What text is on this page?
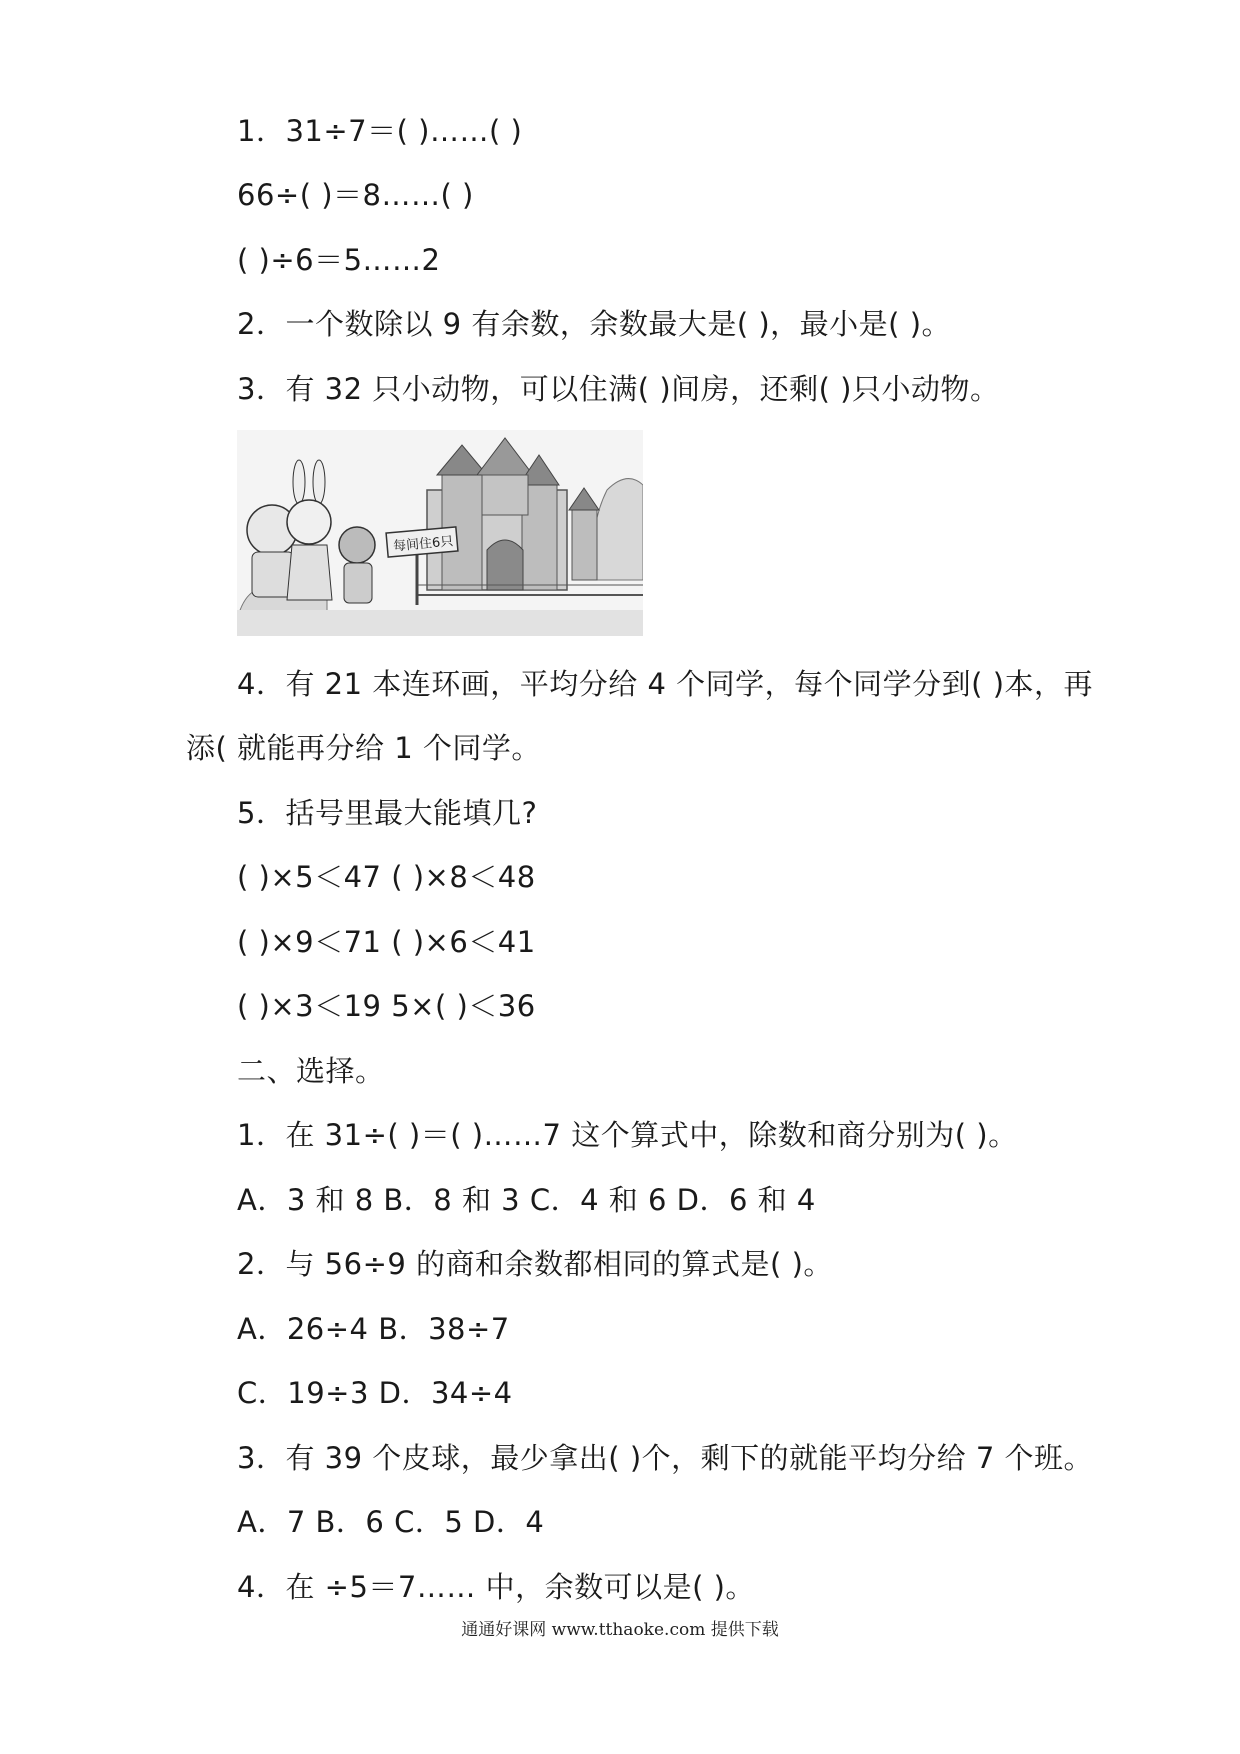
1．31÷7＝( )……( )
66÷( )＝8……( )
( )÷6＝5……2
2．一个数除以 9 有余数，余数最大是( )，最小是( )。
3．有 32 只小动物，可以住满( )间房，还剩( )只小动物。
每间住6只
4．有 21 本连环画，平均分给 4 个同学，每个同学分到( )本，再
添( 就能再分给 1 个同学。
5．括号里最大能填几?
( )×5＜47 ( )×8＜48
( )×9＜71 ( )×6＜41
( )×3＜19 5×( )＜36
二、选择。
1．在 31÷( )＝( )……7 这个算式中，除数和商分别为( )。
A．3 和 8 B．8 和 3 C．4 和 6 D．6 和 4
2．与 56÷9 的商和余数都相同的算式是( )。
A．26÷4 B．38÷7
C．19÷3 D．34÷4
3．有 39 个皮球，最少拿出( )个，剩下的就能平均分给 7 个班。
A．7 B．6 C．5 D．4
4．在 ÷5＝7…… 中，余数可以是( )。
通通好课网 www.tthaoke.com 提供下载
